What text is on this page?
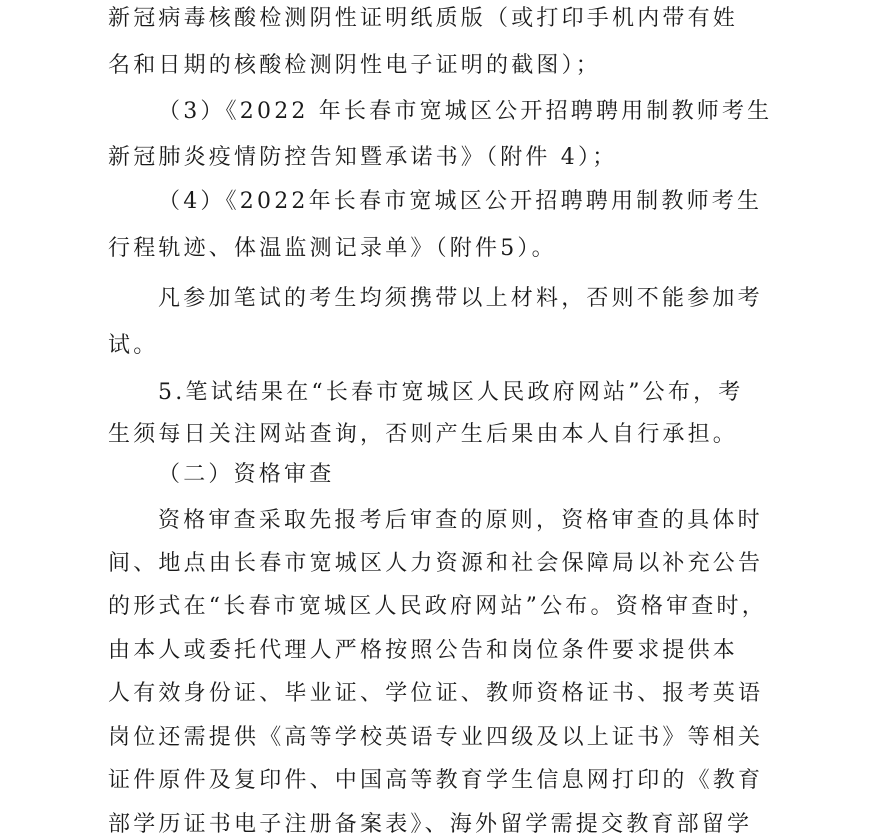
新冠病毒核酸检测阴性证明纸质版（或打印手机内带有姓
名和日期的核酸检测阴性电子证明的截图）；
（3）《2022 年长春市宽城区公开招聘聘用制教师考生
新冠肺炎疫情防控告知暨承诺书》（附件 4）；
（4）《2022年长春市宽城区公开招聘聘用制教师考生
行程轨迹、体温监测记录单》（附件5）。
凡参加笔试的考生均须携带以上材料，否则不能参加考
试。
5.笔试结果在“长春市宽城区人民政府网站”公布，考
生须每日关注网站查询，否则产生后果由本人自行承担。
（二）资格审查
资格审查采取先报考后审查的原则，资格审查的具体时
间、地点由长春市宽城区人力资源和社会保障局以补充公告
的形式在“长春市宽城区人民政府网站”公布。资格审查时，
由本人或委托代理人严格按照公告和岗位条件要求提供本
人有效身份证、毕业证、学位证、教师资格证书、报考英语
岗位还需提供《高等学校英语专业四级及以上证书》等相关
证件原件及复印件、中国高等教育学生信息网打印的《教育
部学历证书电子注册备案表》、海外留学需提交教育部留学
